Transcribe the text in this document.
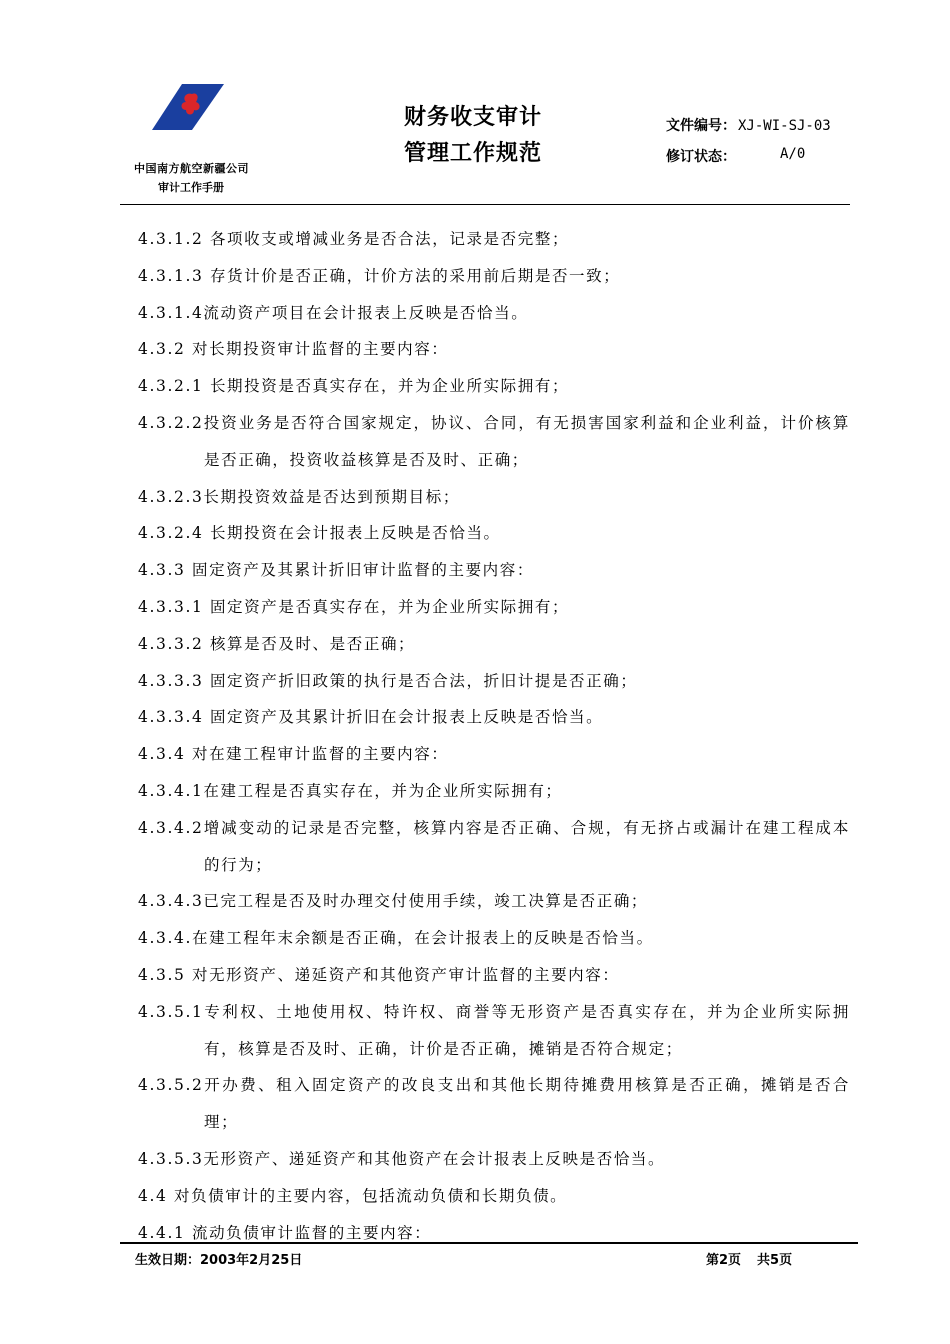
中国南方航空新疆公司
审计工作手册
财务收支审计
管理工作规范
文件编号： XJ-WI-SJ-03
修订状态：	A/0
4.3.1.2 各项收支或增减业务是否合法，记录是否完整；
4.3.1.3 存货计价是否正确，计价方法的采用前后期是否一致；
4.3.1.4流动资产项目在会计报表上反映是否恰当。
4.3.2 对长期投资审计监督的主要内容：
4.3.2.1 长期投资是否真实存在，并为企业所实际拥有；
4.3.2.2投资业务是否符合国家规定，协议、合同，有无损害国家利益和企业利益，计价核算是否正确，投资收益核算是否及时、正确；
4.3.2.3长期投资效益是否达到预期目标；
4.3.2.4 长期投资在会计报表上反映是否恰当。
4.3.3 固定资产及其累计折旧审计监督的主要内容：
4.3.3.1 固定资产是否真实存在，并为企业所实际拥有；
4.3.3.2 核算是否及时、是否正确；
4.3.3.3 固定资产折旧政策的执行是否合法，折旧计提是否正确；
4.3.3.4 固定资产及其累计折旧在会计报表上反映是否恰当。
4.3.4 对在建工程审计监督的主要内容：
4.3.4.1在建工程是否真实存在，并为企业所实际拥有；
4.3.4.2增减变动的记录是否完整，核算内容是否正确、合规，有无挤占或漏计在建工程成本的行为；
4.3.4.3已完工程是否及时办理交付使用手续，竣工决算是否正确；
4.3.4.在建工程年末余额是否正确，在会计报表上的反映是否恰当。
4.3.5 对无形资产、递延资产和其他资产审计监督的主要内容：
4.3.5.1专利权、土地使用权、特许权、商誉等无形资产是否真实存在，并为企业所实际拥有，核算是否及时、正确，计价是否正确，摊销是否符合规定；
4.3.5.2开办费、租入固定资产的改良支出和其他长期待摊费用核算是否正确，摊销是否合理；
4.3.5.3无形资产、递延资产和其他资产在会计报表上反映是否恰当。
4.4 对负债审计的主要内容，包括流动负债和长期负债。
4.4.1 流动负债审计监督的主要内容：
生效日期：2003年2月25日	第2页 共5页
